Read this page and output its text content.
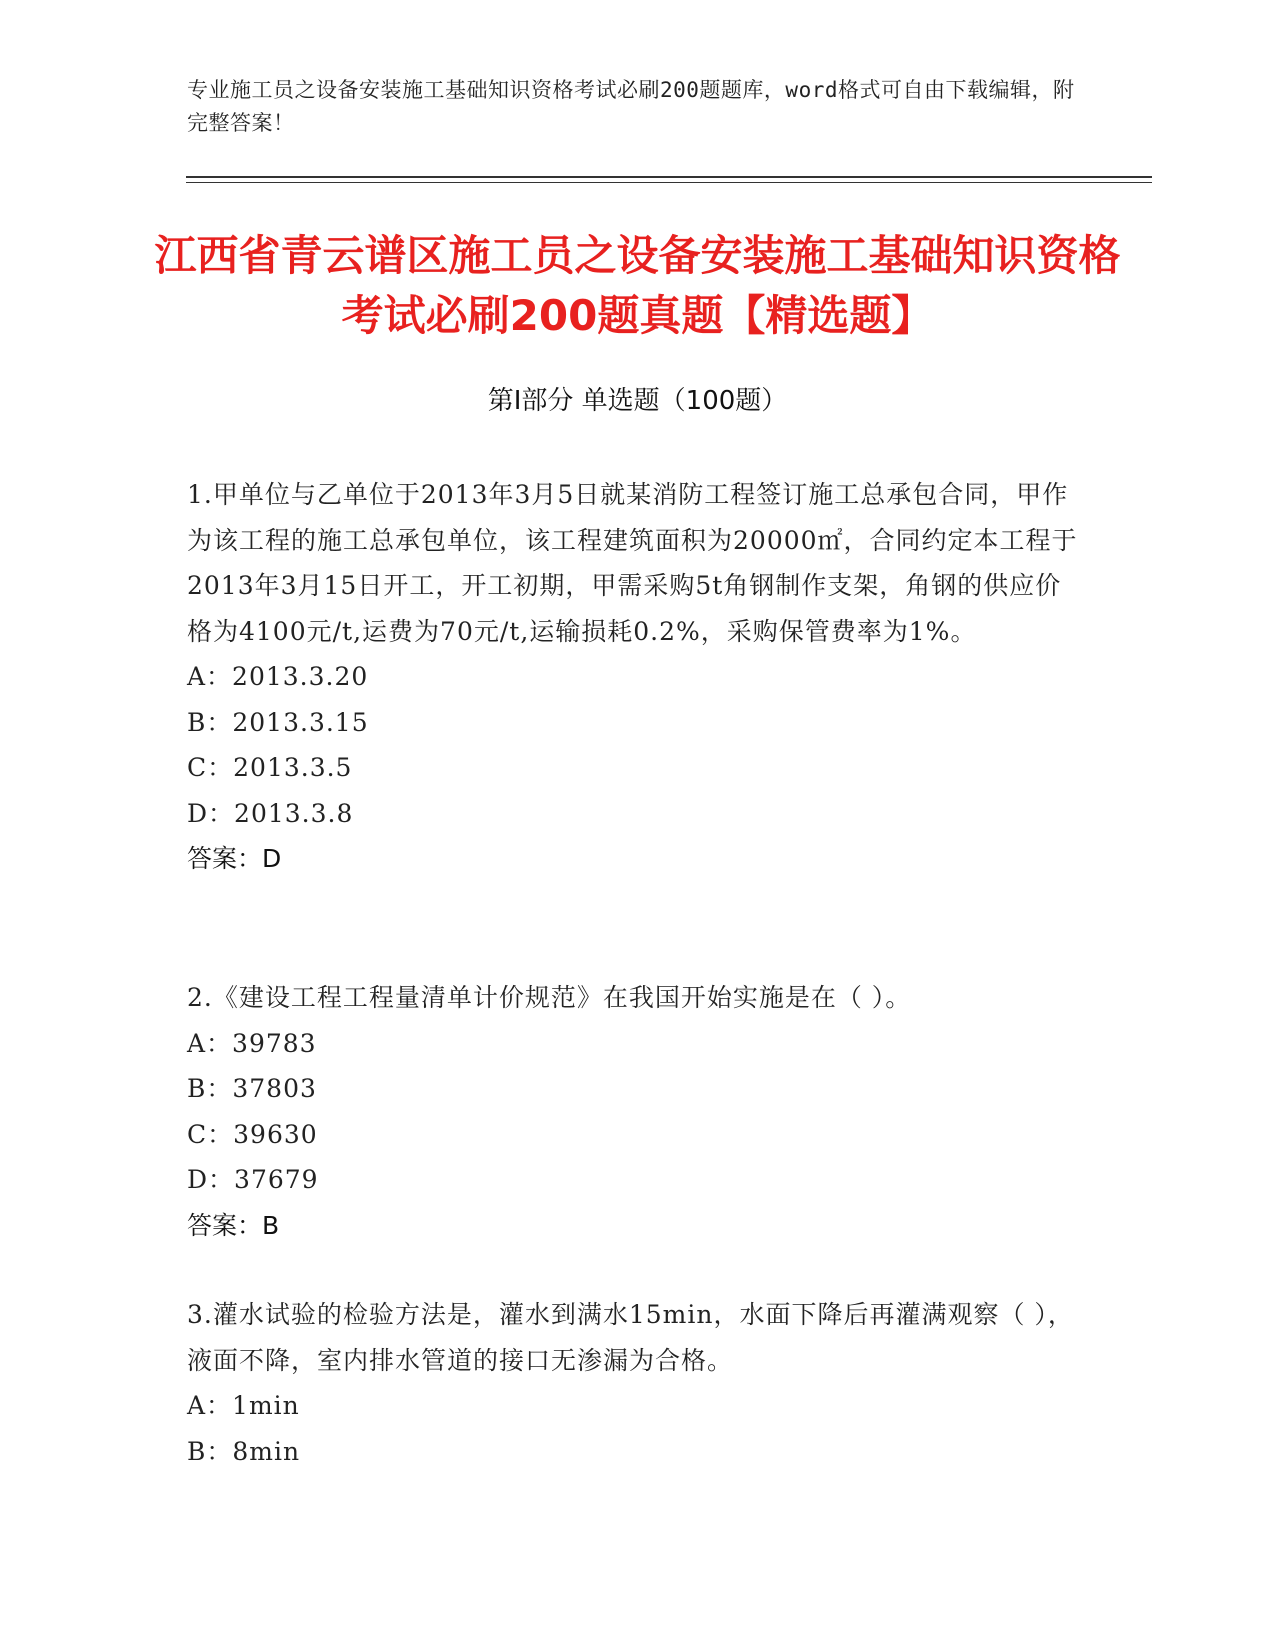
专业施工员之设备安装施工基础知识资格考试必刷200题题库，word格式可自由下载编辑，附完整答案！
江西省青云谱区施工员之设备安装施工基础知识资格考试必刷200题真题【精选题】
第Ⅰ部分 单选题（100题）

1.甲单位与乙单位于2013年3月5日就某消防工程签订施工总承包合同，甲作为该工程的施工总承包单位，该工程建筑面积为20000㎡，合同约定本工程于2013年3月15日开工，开工初期，甲需采购5t角钢制作支架，角钢的供应价格为4100元/t,运费为70元/t,运输损耗0.2%，采购保管费率为1%。

A：2013.3.20

B：2013.3.15

C：2013.3.5

D：2013.3.8

答案：D

2.《建设工程工程量清单计价规范》在我国开始实施是在（ ）。

A：39783

B：37803

C：39630

D：37679

答案：B

3.灌水试验的检验方法是，灌水到满水15min，水面下降后再灌满观察（ ），液面不降，室内排水管道的接口无渗漏为合格。

A：1min

B：8min
